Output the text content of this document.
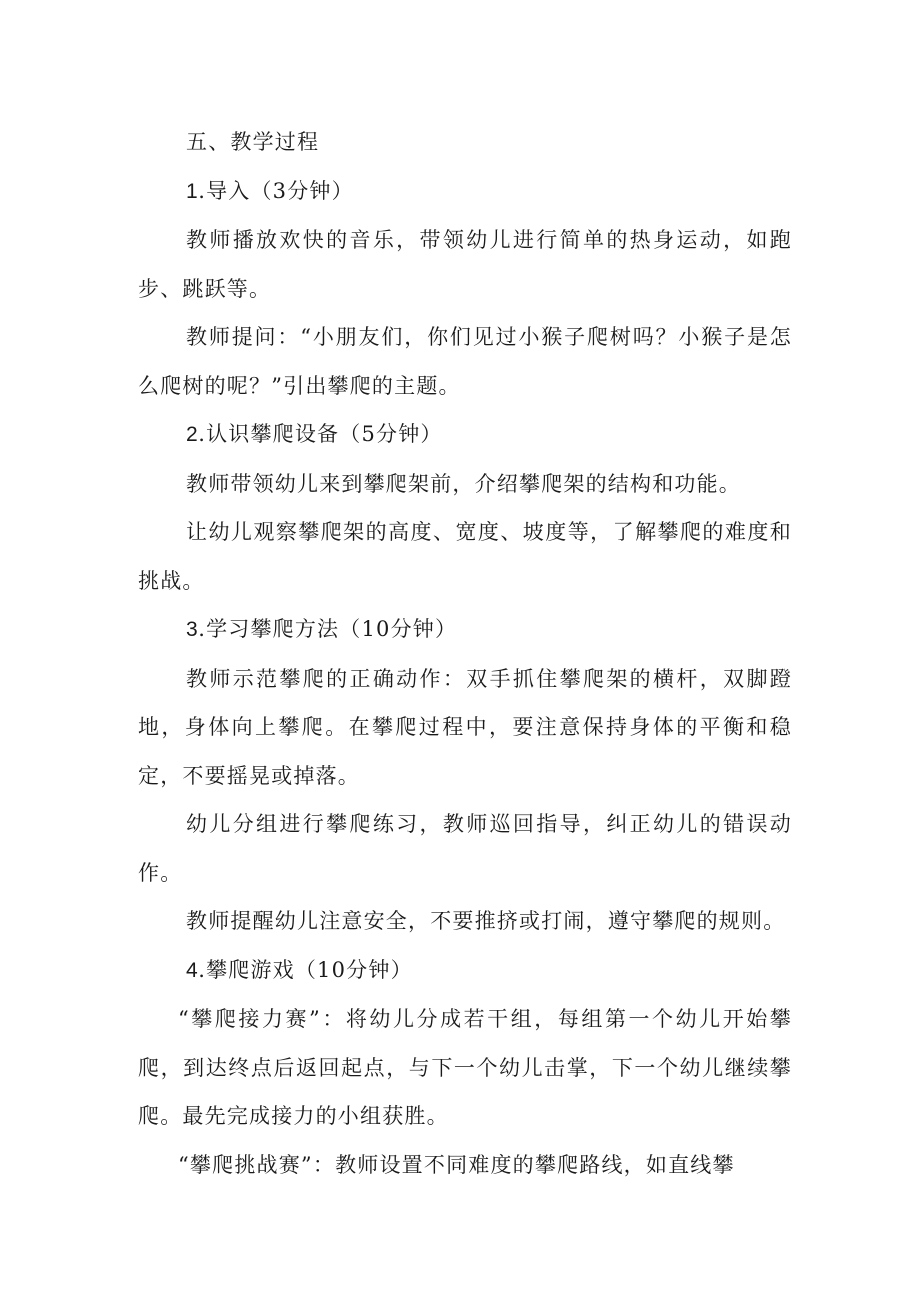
五、教学过程

1.导入（3分钟）

教师播放欢快的音乐，带领幼儿进行简单的热身运动，如跑步、跳跃等。

教师提问：“小朋友们，你们见过小猴子爬树吗？小猴子是怎么爬树的呢？”引出攀爬的主题。

2.认识攀爬设备（5分钟）

教师带领幼儿来到攀爬架前，介绍攀爬架的结构和功能。

让幼儿观察攀爬架的高度、宽度、坡度等，了解攀爬的难度和挑战。

3.学习攀爬方法（10分钟）

教师示范攀爬的正确动作：双手抓住攀爬架的横杆，双脚蹬地，身体向上攀爬。在攀爬过程中，要注意保持身体的平衡和稳定，不要摇晃或掉落。

幼儿分组进行攀爬练习，教师巡回指导，纠正幼儿的错误动作。

教师提醒幼儿注意安全，不要推挤或打闹，遵守攀爬的规则。

4.攀爬游戏（10分钟）

“攀爬接力赛”：将幼儿分成若干组，每组第一个幼儿开始攀爬，到达终点后返回起点，与下一个幼儿击掌，下一个幼儿继续攀爬。最先完成接力的小组获胜。

“攀爬挑战赛”：教师设置不同难度的攀爬路线，如直线攀
